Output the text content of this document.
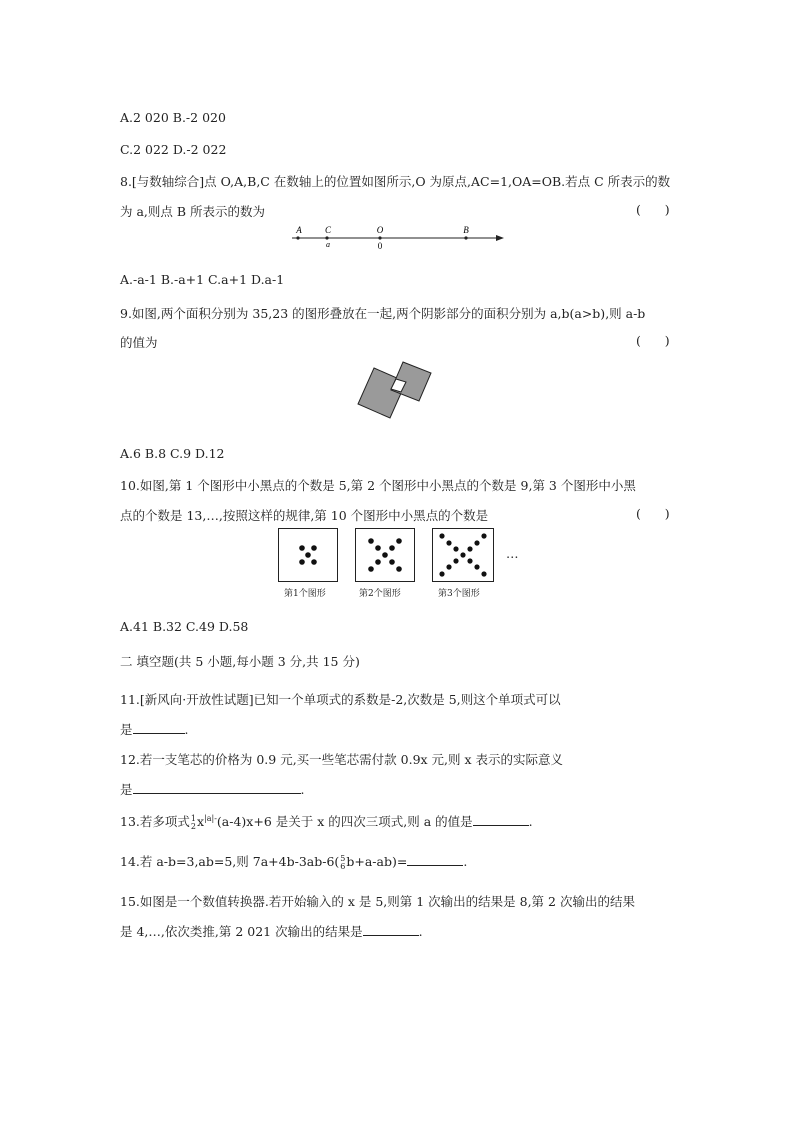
A.2 020 B.-2 020
C.2 022 D.-2 022
8.[与数轴综合]点 O,A,B,C 在数轴上的位置如图所示,O 为原点,AC=1,OA=OB.若点 C 所表示的数
为 a,则点 B 所表示的数为	(      )
A	C	O	B
a	0
A.-a-1 B.-a+1 C.a+1 D.a-1
9.如图,两个面积分别为 35,23 的图形叠放在一起,两个阴影部分的面积分别为 a,b(a>b),则 a-b
的值为	(      )
A.6 B.8 C.9 D.12
10.如图,第 1 个图形中小黑点的个数是 5,第 2 个图形中小黑点的个数是 9,第 3 个图形中小黑
点的个数是 13,…,按照这样的规律,第 10 个图形中小黑点的个数是	(      )
…
第1个图形	第2个图形	第3个图形
A.41 B.32 C.49 D.58
二 填空题(共 5 小题,每小题 3 分,共 15 分)
11.[新风向·开放性试题]已知一个单项式的系数是-2,次数是 5,则这个单项式可以
是	.
12.若一支笔芯的价格为 0.9 元,买一些笔芯需付款 0.9x 元,则 x 表示的实际意义
是	.
13.若多项式 1
2 $x^{|a|-}(a-4)x+6$ 是关于 x 的四次三项式,则 a 的值是	.
14.若 a-b=3,ab=5,则 7a+4b-3ab-6( 5
6 b+a-ab)=	.
15.如图是一个数值转换器.若开始输入的 x 是 5,则第 1 次输出的结果是 8,第 2 次输出的结果
是 4,…,依次类推,第 2 021 次输出的结果是	.
